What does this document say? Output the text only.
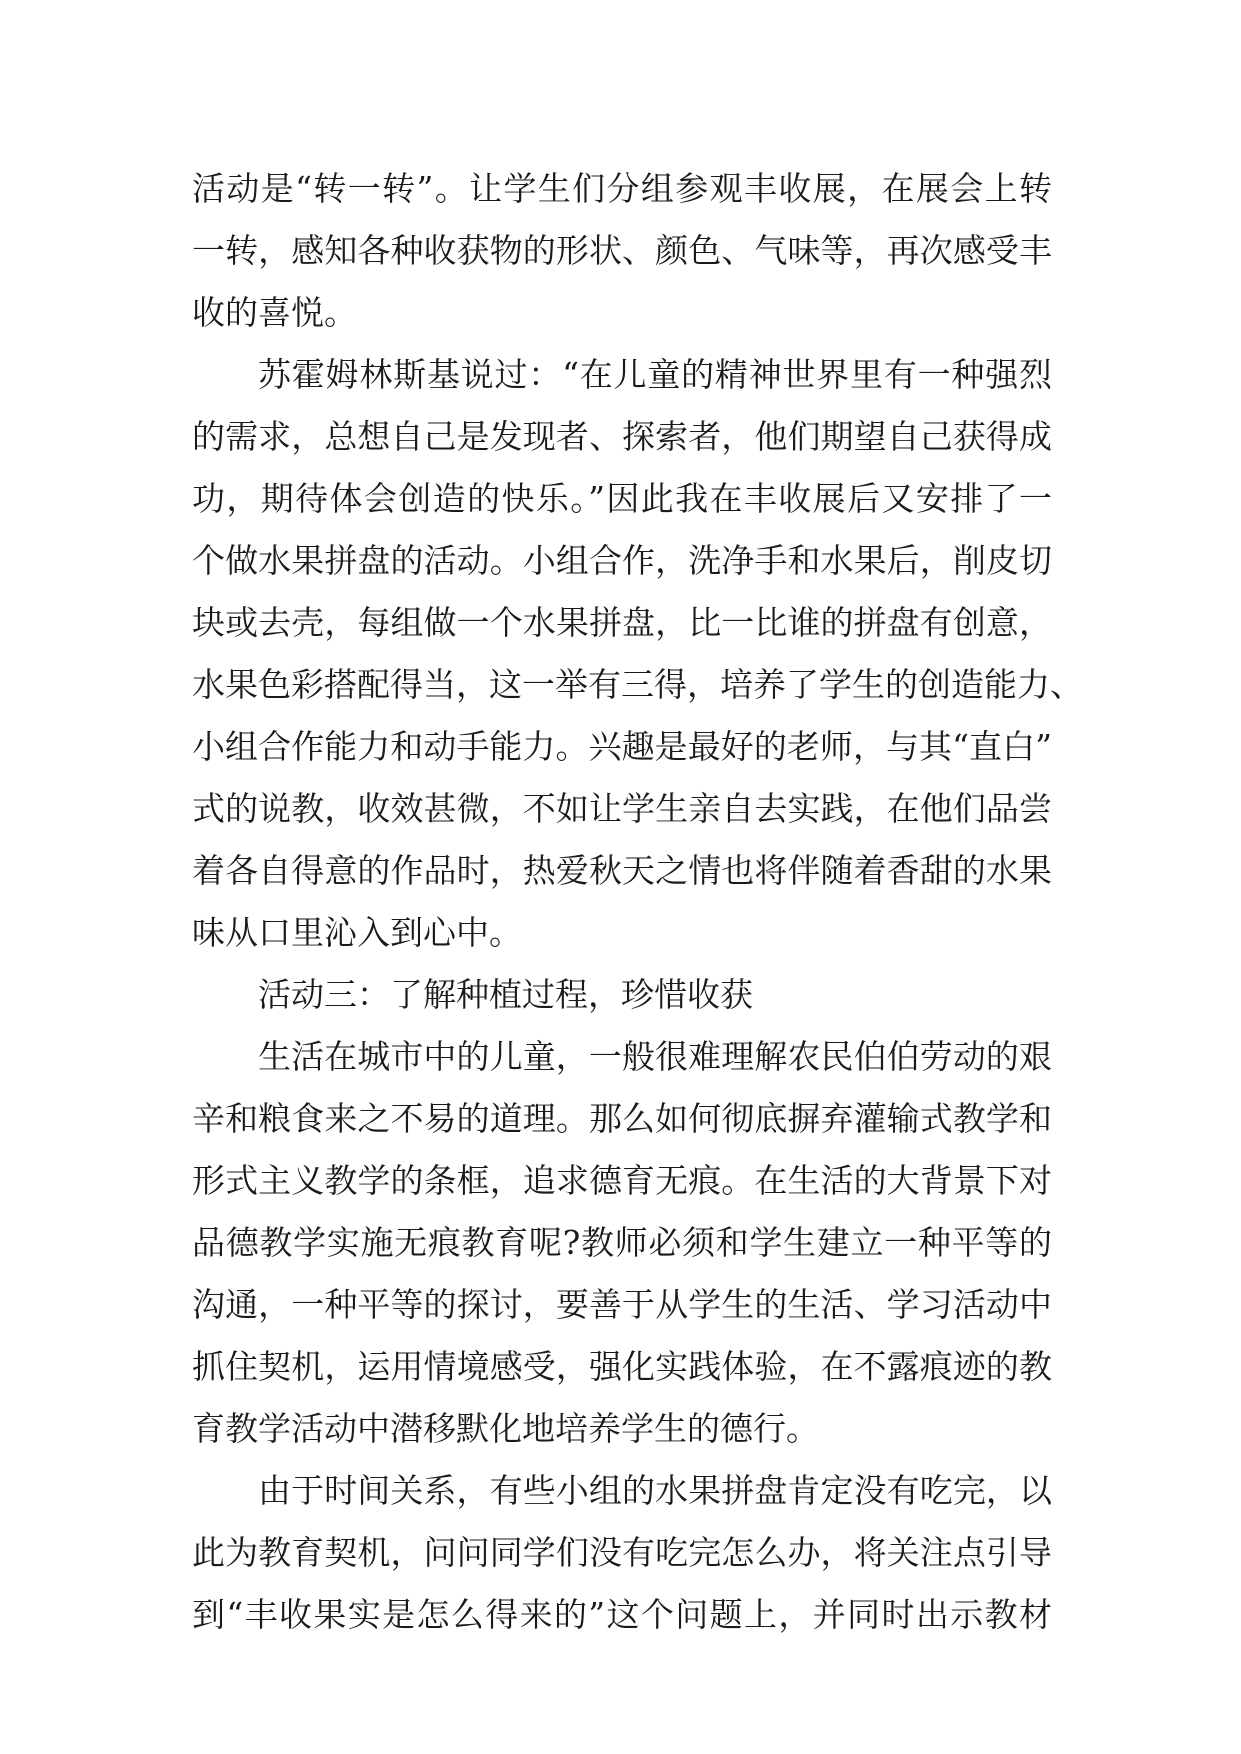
活动是“转一转”。让学生们分组参观丰收展，在展会上转
一转，感知各种收获物的形状、颜色、气味等，再次感受丰
收的喜悦。
苏霍姆林斯基说过：“在儿童的精神世界里有一种强烈
的需求，总想自己是发现者、探索者，他们期望自己获得成
功，期待体会创造的快乐。”因此我在丰收展后又安排了一
个做水果拼盘的活动。小组合作，洗净手和水果后，削皮切
块或去壳，每组做一个水果拼盘，比一比谁的拼盘有创意，
水果色彩搭配得当，这一举有三得，培养了学生的创造能力、
小组合作能力和动手能力。兴趣是最好的老师，与其“直白”
式的说教，收效甚微，不如让学生亲自去实践，在他们品尝
着各自得意的作品时，热爱秋天之情也将伴随着香甜的水果
味从口里沁入到心中。
活动三：了解种植过程，珍惜收获
生活在城市中的儿童，一般很难理解农民伯伯劳动的艰
辛和粮食来之不易的道理。那么如何彻底摒弃灌输式教学和
形式主义教学的条框，追求德育无痕。在生活的大背景下对
品德教学实施无痕教育呢?教师必须和学生建立一种平等的
沟通，一种平等的探讨，要善于从学生的生活、学习活动中
抓住契机，运用情境感受，强化实践体验，在不露痕迹的教
育教学活动中潜移默化地培养学生的德行。
由于时间关系，有些小组的水果拼盘肯定没有吃完，以
此为教育契机，问问同学们没有吃完怎么办，将关注点引导
到“丰收果实是怎么得来的”这个问题上，并同时出示教材
